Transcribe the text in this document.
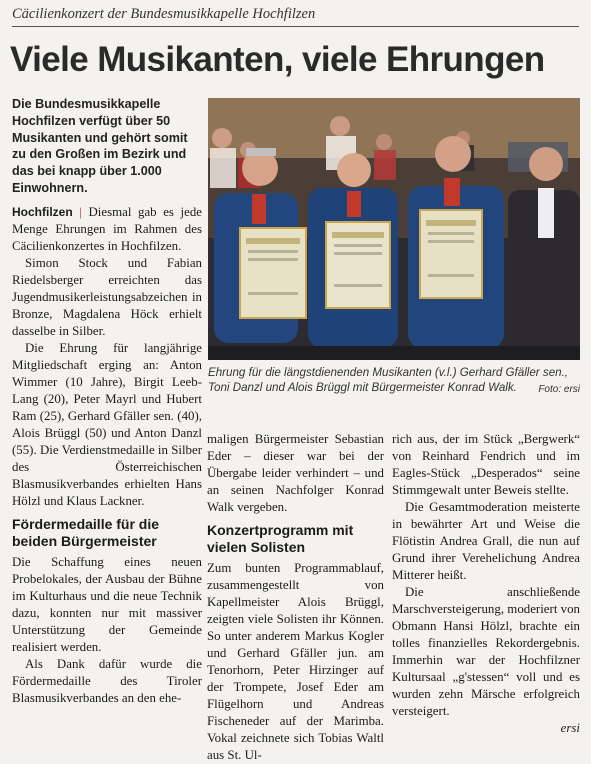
Cäcilienkonzert der Bundesmusikkapelle Hochfilzen
Viele Musikanten, viele Ehrungen
Die Bundesmusikkapelle Hochfilzen verfügt über 50 Musikanten und gehört somit zu den Großen im Bezirk und das bei knapp über 1.000 Einwohnern.
Ehrung für die längstdienenden Musikanten (v.l.) Gerhard Gfäller sen., Toni Danzl und Alois Brüggl mit Bürgermeister Konrad Walk. Foto: ersi

Hochfilzen | Diesmal gab es jede Menge Ehrungen im Rahmen des Cäcilienkonzertes in Hochfilzen.

Simon Stock und Fabian Riedelsberger erreichten das Jugendmusikerleistungsabzeichen in Bronze, Magdalena Höck erhielt dasselbe in Silber.

Die Ehrung für langjährige Mitgliedschaft erging an: Anton Wimmer (10 Jahre), Birgit Leeb-Lang (20), Peter Mayrl und Hubert Ram (25), Gerhard Gfäller sen. (40), Alois Brüggl (50) und Anton Danzl (55). Die Verdienstmedaille in Silber des Österreichischen Blasmusikverbandes erhielten Hans Hölzl und Klaus Lackner.

Fördermedaille für die beiden Bürgermeister

Die Schaffung eines neuen Probelokales, der Ausbau der Bühne im Kulturhaus und die neue Technik dazu, konnten nur mit massiver Unterstützung der Gemeinde realisiert werden.

Als Dank dafür wurde die Fördermedaille des Tiroler Blasmusikverbandes an den ehe-

maligen Bürgermeister Sebastian Eder – dieser war bei der Übergabe leider verhindert – und an seinen Nachfolger Konrad Walk vergeben.

Konzertprogramm mit vielen Solisten

Zum bunten Programmablauf, zusammengestellt von Kapellmeister Alois Brüggl, zeigten viele Solisten ihr Können. So unter anderem Markus Kogler und Gerhard Gfäller jun. am Tenorhorn, Peter Hirzinger auf der Trompete, Josef Eder am Flügelhorn und Andreas Fischeneder auf der Marimba. Vokal zeichnete sich Tobias Waltl aus St. Ul-

rich aus, der im Stück „Bergwerk“ von Reinhard Fendrich und im Eagles-Stück „Desperados“ seine Stimmgewalt unter Beweis stellte.

Die Gesamtmoderation meisterte in bewährter Art und Weise die Flötistin Andrea Grall, die nun auf Grund ihrer Verehelichung Andrea Mitterer heißt.

Die anschließende Marschversteigerung, moderiert von Obmann Hansi Hölzl, brachte ein tolles finanzielles Rekordergebnis. Immerhin war der Hochfilzner Kultursaal „g'stessen“ voll und es wurden zehn Märsche erfolgreich versteigert.

ersi
